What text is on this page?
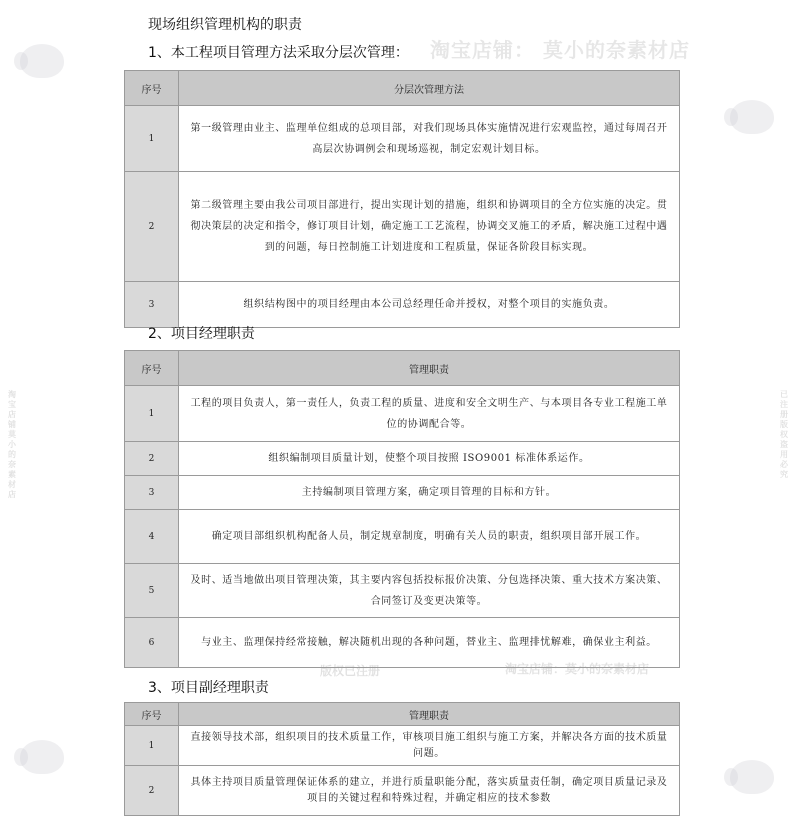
淘宝店铺： 莫小的奈素材店
版权已注册	淘宝店铺：莫小的奈素材店
淘宝店铺 莫小的奈素材店
已注册版权 盗用必究
现场组织管理机构的职责
1、本工程项目管理方法采取分层次管理：
序号	分层次管理方法
1	第一级管理由业主、监理单位组成的总项目部，对我们现场具体实施情况进行宏观监控，通过每周召开高层次协调例会和现场巡视，制定宏观计划目标。
2	第二级管理主要由我公司项目部进行，提出实现计划的措施，组织和协调项目的全方位实施的决定。贯彻决策层的决定和指令，修订项目计划，确定施工工艺流程，协调交叉施工的矛盾，解决施工过程中遇到的问题，每日控制施工计划进度和工程质量，保证各阶段目标实现。
3	组织结构图中的项目经理由本公司总经理任命并授权，对整个项目的实施负责。
2、项目经理职责
序号	管理职责
1	工程的项目负责人，第一责任人，负责工程的质量、进度和安全文明生产、与本项目各专业工程施工单位的协调配合等。
2	组织编制项目质量计划，使整个项目按照 ISO9001 标准体系运作。
3	主持编制项目管理方案，确定项目管理的目标和方针。
4	确定项目部组织机构配备人员，制定规章制度，明确有关人员的职责，组织项目部开展工作。
5	及时、适当地做出项目管理决策，其主要内容包括投标报价决策、分包选择决策、重大技术方案决策、合同签订及变更决策等。
6	与业主、监理保持经常接触，解决随机出现的各种问题，替业主、监理排忧解难，确保业主利益。
3、项目副经理职责
序号	管理职责
1	直接领导技术部，组织项目的技术质量工作，审核项目施工组织与施工方案，并解决各方面的技术质量问题。
2	具体主持项目质量管理保证体系的建立，并进行质量职能分配，落实质量责任制，确定项目质量记录及项目的关键过程和特殊过程，并确定相应的技术参数
